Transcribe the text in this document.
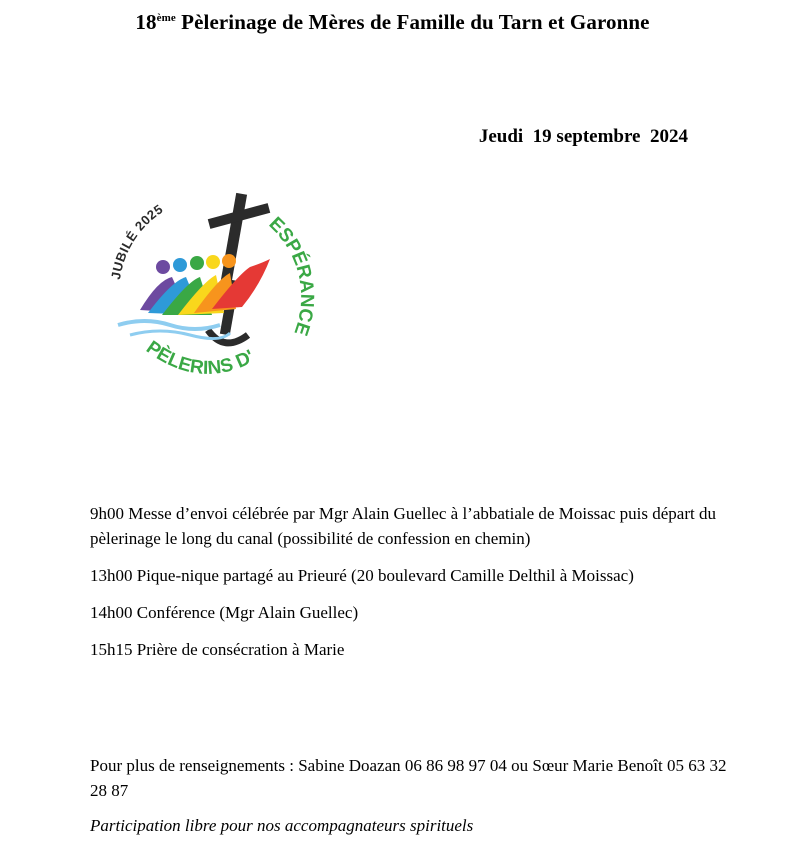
18ème Pèlerinage de Mères de Famille du Tarn et Garonne
Jeudi  19 septembre  2024
JUBILÉ 2025
ESPÉRANCE
PÈLERINS D'

9h00 Messe d’envoi célébrée par Mgr Alain Guellec à l’abbatiale de Moissac puis départ du pèlerinage le long du canal (possibilité de confession en chemin)

13h00 Pique-nique partagé au Prieuré (20 boulevard Camille Delthil à Moissac)

14h00 Conférence (Mgr Alain Guellec)

15h15 Prière de consécration à Marie

Pour plus de renseignements : Sabine Doazan 06 86 98 97 04 ou Sœur Marie Benoît 05 63 32 28 87

Participation libre pour nos accompagnateurs spirituels
